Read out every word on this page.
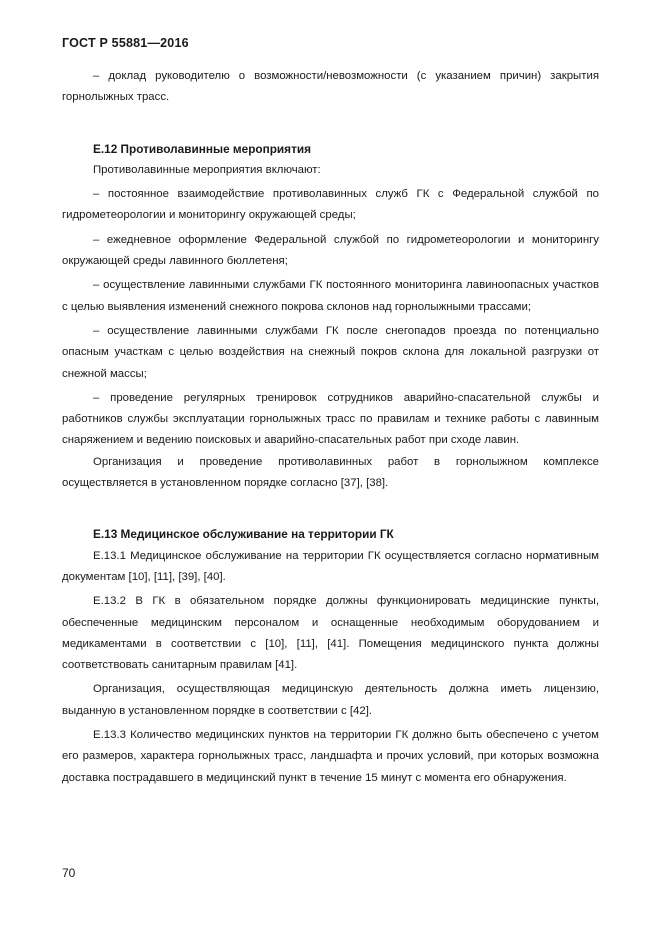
ГОСТ Р 55881—2016

– доклад руководителю о возможности/невозможности (с указанием причин) закрытия горнолыжных трасс.

Е.12 Противолавинные мероприятия

Противолавинные мероприятия включают:

– постоянное взаимодействие противолавинных служб ГК с Федеральной службой по гидрометеорологии и мониторингу окружающей среды;

– ежедневное оформление Федеральной службой по гидрометеорологии и мониторингу окружающей среды лавинного бюллетеня;

– осуществление лавинными службами ГК постоянного мониторинга лавиноопасных участков с целью выявления изменений снежного покрова склонов над горнолыжными трассами;

– осуществление лавинными службами ГК после снегопадов проезда по потенциально опасным участкам с целью воздействия на снежный покров склона для локальной разгрузки от снежной массы;

– проведение регулярных тренировок сотрудников аварийно-спасательной службы и работников службы эксплуатации горнолыжных трасс по правилам и технике работы с лавинным снаряжением и ведению поисковых и аварийно-спасательных работ при сходе лавин.

Организация и проведение противолавинных работ в горнолыжном комплексе осуществляется в установленном порядке согласно [37], [38].

Е.13 Медицинское обслуживание на территории ГК

Е.13.1 Медицинское обслуживание на территории ГК осуществляется согласно нормативным документам [10], [11], [39], [40].

Е.13.2 В ГК в обязательном порядке должны функционировать медицинские пункты, обеспеченные медицинским персоналом и оснащенные необходимым оборудованием и медикаментами в соответствии с [10], [11], [41]. Помещения медицинского пункта должны соответствовать санитарным правилам [41].

Организация, осуществляющая медицинскую деятельность должна иметь лицензию, выданную в установленном порядке в соответствии с [42].

Е.13.3 Количество медицинских пунктов на территории ГК должно быть обеспечено с учетом его размеров, характера горнолыжных трасс, ландшафта и прочих условий, при которых возможна доставка пострадавшего в медицинский пункт в течение 15 минут с момента его обнаружения.

70
